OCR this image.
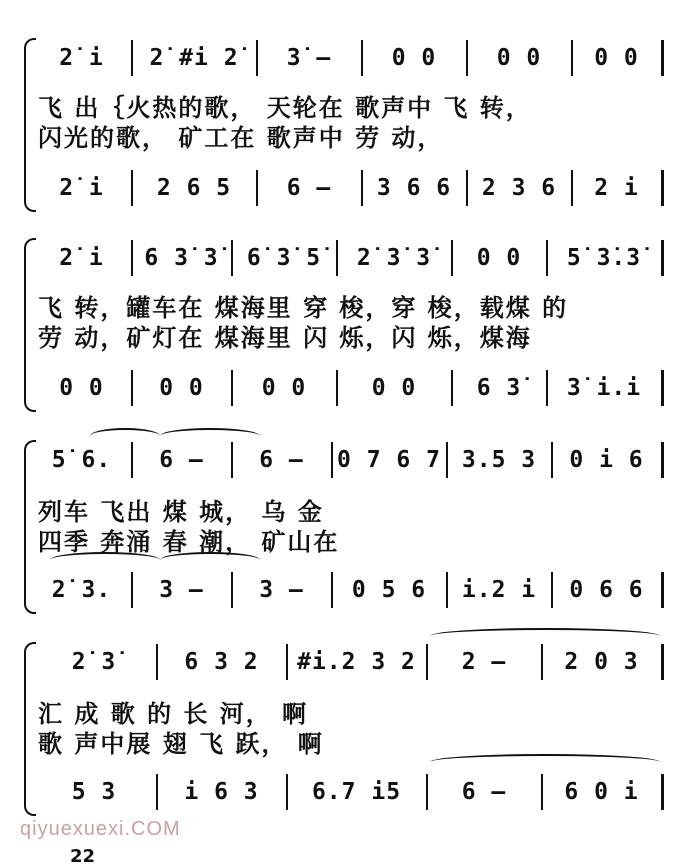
2̇ i	2̇ #i 2̇	3̇ —	0 0	0 0	0 0
飞 出｛火热的歌， 天轮在 歌声中 飞 转，
闪光的歌， 矿工在 歌声中 劳 动，
2̇ i	2 6 5	6 —	3 6 6	2 3 6	2 i
2̇ i	6 3̇ 3̇	6̇ 3̇ 5̇	2̇ 3̇ 3̇	0 0	5̇ 3̇.3̇
飞 转，罐车在 煤海里 穿 梭，穿 梭，载煤 的
劳 动，矿灯在 煤海里 闪 烁，闪 烁，煤海
0 0	0 0	0 0	0 0	6 3̇	3̇ i.i
5̇ 6.	6 —	6 —	0 7 6 7 3.5 3	0 i 6
列车 飞出 煤 城， 乌 金
四季 奔涌 春 潮， 矿山在
2̇ 3.	3 —	3 —	0 5 6	i.2 i	0 6 6
2̇ 3̇	6 3 2	#i.2 3 2	2 —	2 0 3
汇 成 歌 的 长 河， 啊
歌 声中展 翅 飞 跃， 啊
5 3	i 6 3	6.7 i5	6 —	6 0 i
qiyuexuexi.COM
22
